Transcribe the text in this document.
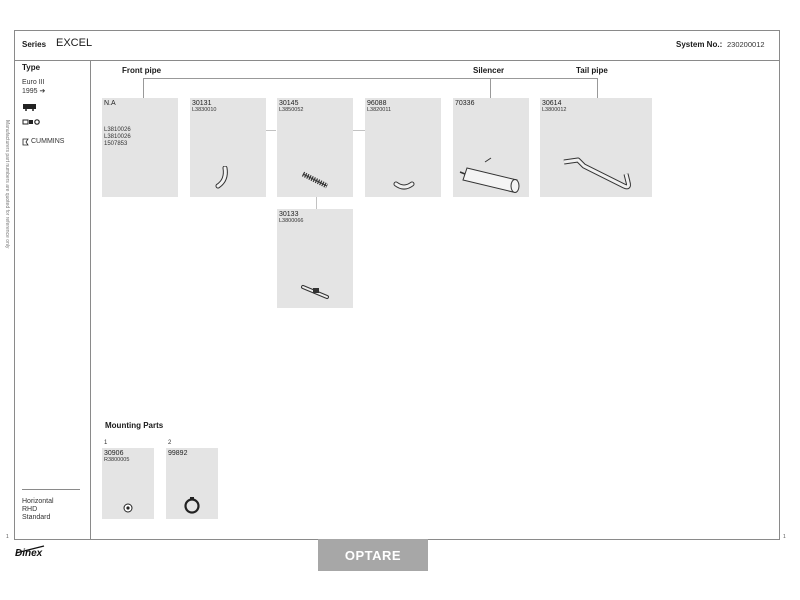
Series EXCEL	System No.: 230200012
Type
Euro III
1995 ➔
CUMMINS
Manufacturers part numbers are quoted for reference only
Horizontal
RHD
Standard
Front pipe	Silencer	Tail pipe
N.A
L3810026
L3810026
1507853
30131
L3830010
30145
L3850052
96088
L3820011
70336	30614
L3800012
30133
L3800066
Mounting Parts
1
30906
R3800005
2
99892
Dinex
1	1
OPTARE
